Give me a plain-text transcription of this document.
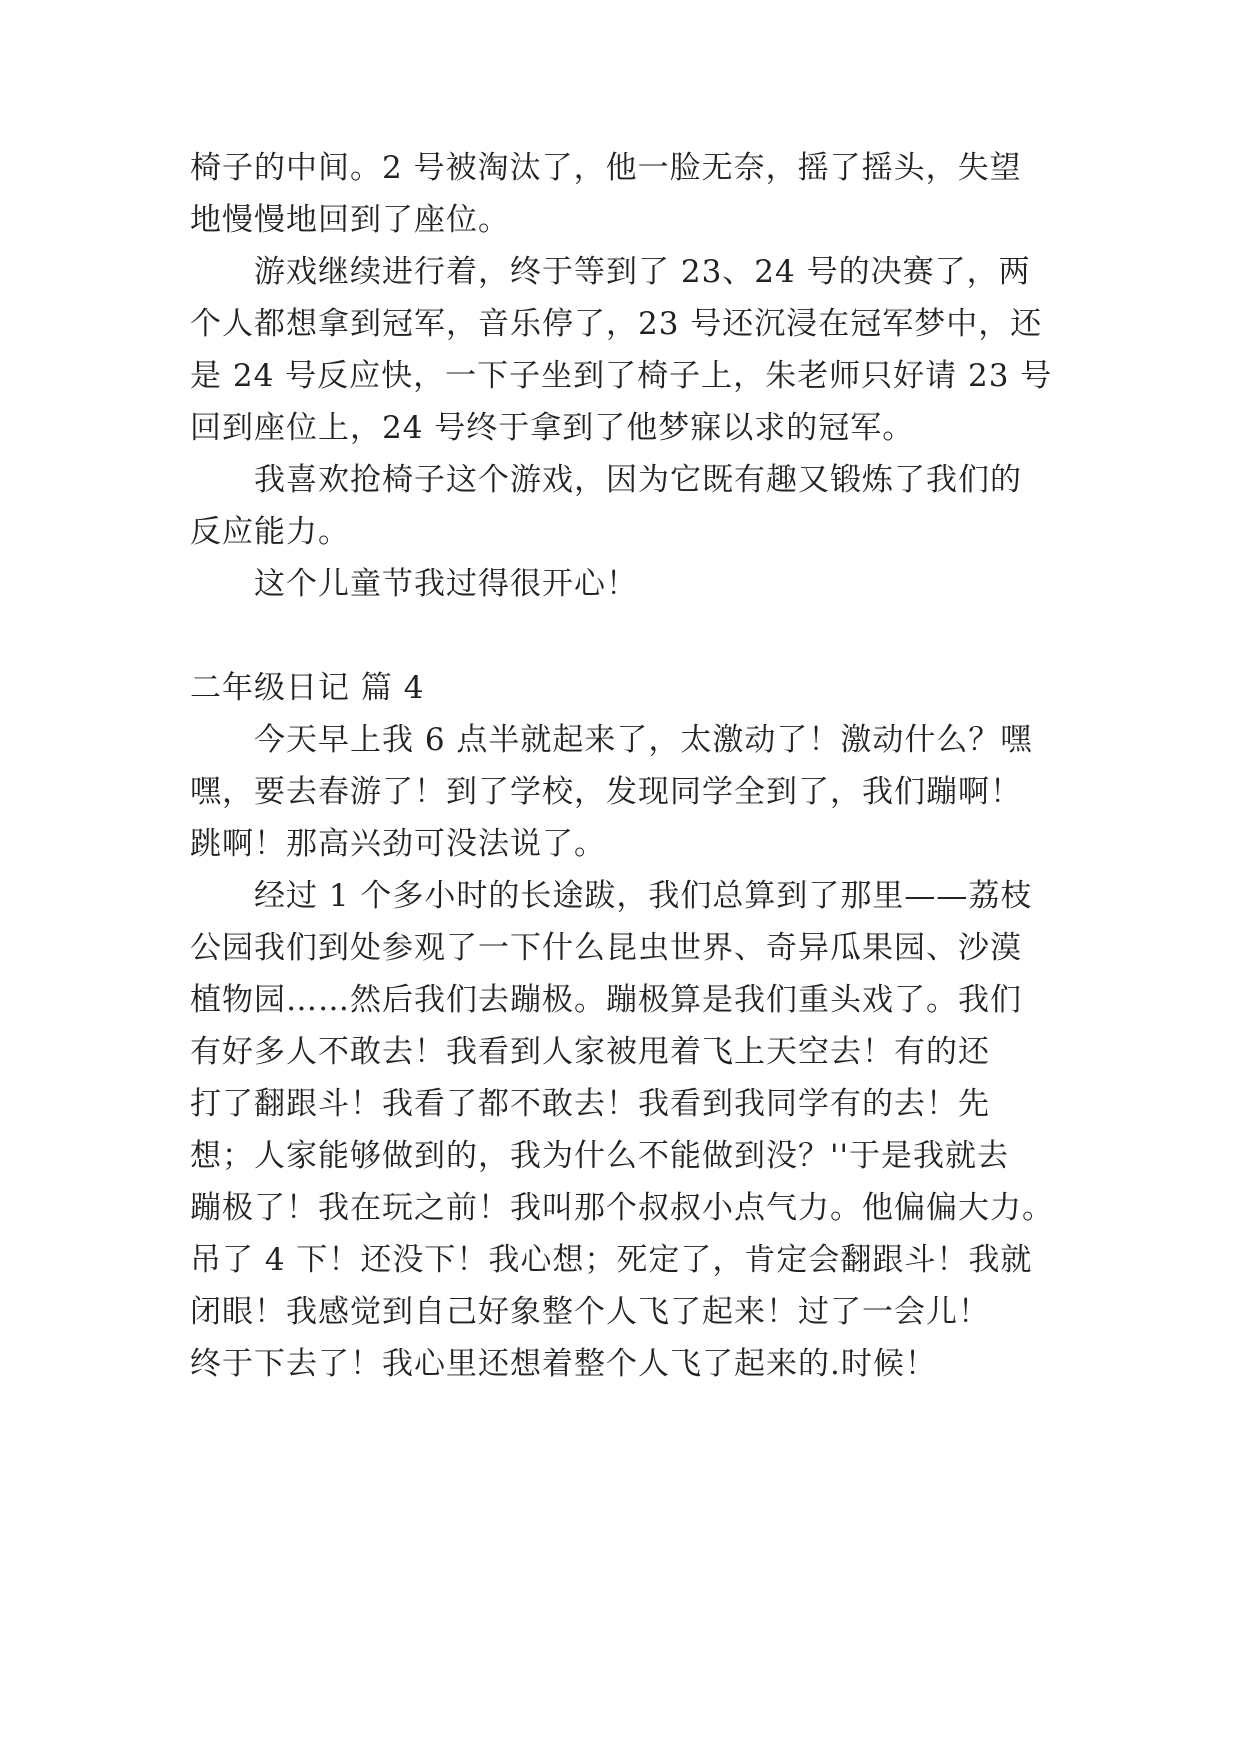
椅子的中间。2 号被淘汰了，他一脸无奈，摇了摇头，失望
地慢慢地回到了座位。
游戏继续进行着，终于等到了 23、24 号的决赛了，两
个人都想拿到冠军，音乐停了，23 号还沉浸在冠军梦中，还
是 24 号反应快，一下子坐到了椅子上，朱老师只好请 23 号
回到座位上，24 号终于拿到了他梦寐以求的冠军。
我喜欢抢椅子这个游戏，因为它既有趣又锻炼了我们的
反应能力。
这个儿童节我过得很开心！
二年级日记 篇 4
今天早上我 6 点半就起来了，太激动了！激动什么？嘿
嘿，要去春游了！到了学校，发现同学全到了，我们蹦啊！
跳啊！那高兴劲可没法说了。
经过 1 个多小时的长途跋，我们总算到了那里——荔枝
公园我们到处参观了一下什么昆虫世界、奇异瓜果园、沙漠
植物园……然后我们去蹦极。蹦极算是我们重头戏了。我们
有好多人不敢去！我看到人家被甩着飞上天空去！有的还
打了翻跟斗！我看了都不敢去！我看到我同学有的去！先
想；人家能够做到的，我为什么不能做到没？''于是我就去
蹦极了！我在玩之前！我叫那个叔叔小点气力。他偏偏大力。
吊了 4 下！还没下！我心想；死定了，肯定会翻跟斗！我就
闭眼！我感觉到自己好象整个人飞了起来！过了一会儿！
终于下去了！我心里还想着整个人飞了起来的.时候！
